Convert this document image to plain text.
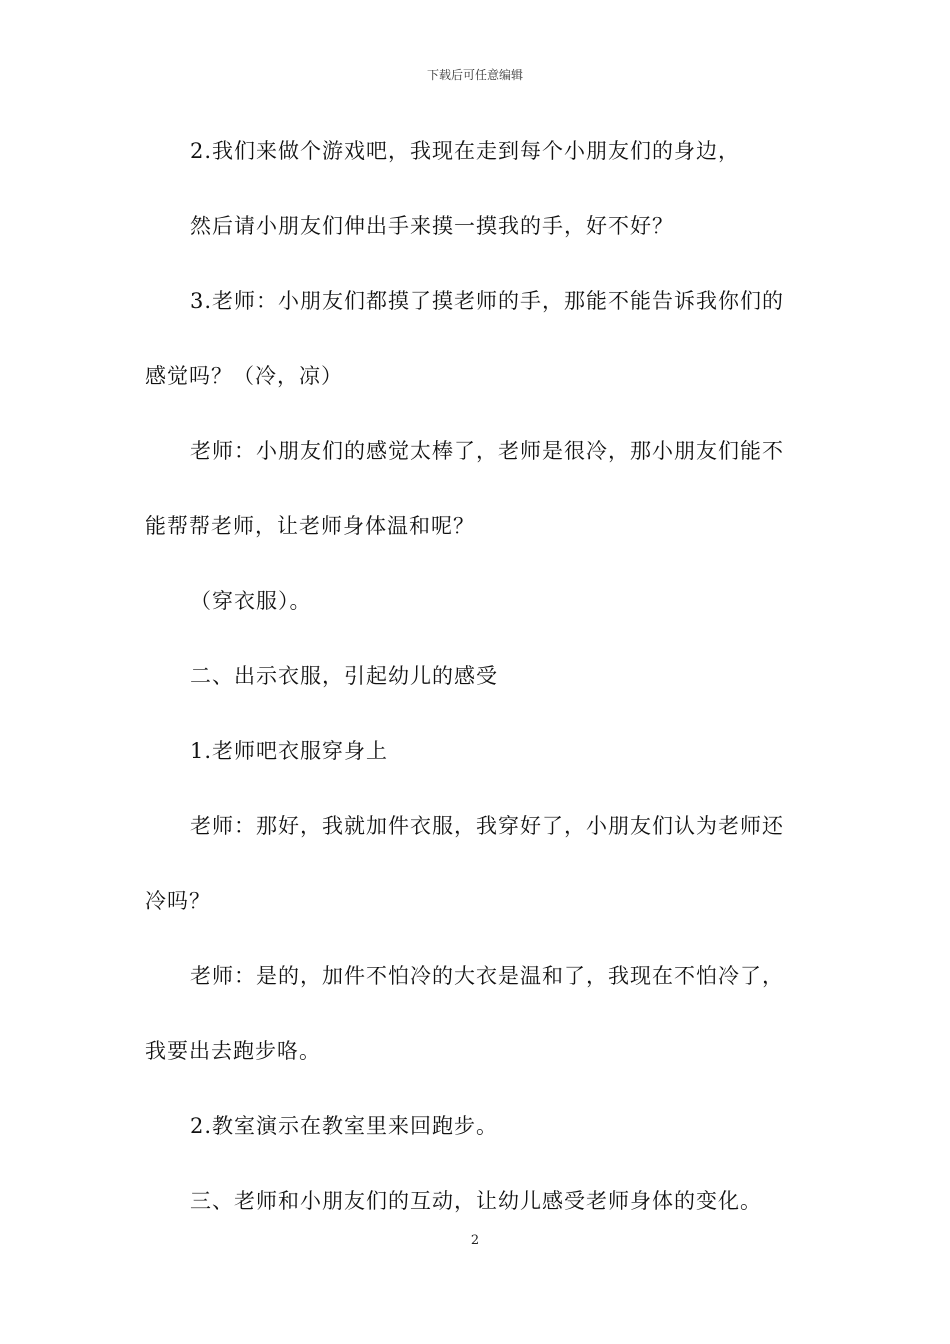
下载后可任意编辑
2.我们来做个游戏吧，我现在走到每个小朋友们的身边，
然后请小朋友们伸出手来摸一摸我的手，好不好？
3.老师：小朋友们都摸了摸老师的手，那能不能告诉我你们的
感觉吗？（冷，凉）
老师：小朋友们的感觉太棒了，老师是很冷，那小朋友们能不
能帮帮老师，让老师身体温和呢？
（穿衣服）。
二、出示衣服，引起幼儿的感受
1.老师吧衣服穿身上
老师：那好，我就加件衣服，我穿好了，小朋友们认为老师还
冷吗？
老师：是的，加件不怕冷的大衣是温和了，我现在不怕冷了，
我要出去跑步咯。
2.教室演示在教室里来回跑步。
三、老师和小朋友们的互动，让幼儿感受老师身体的变化。
2
